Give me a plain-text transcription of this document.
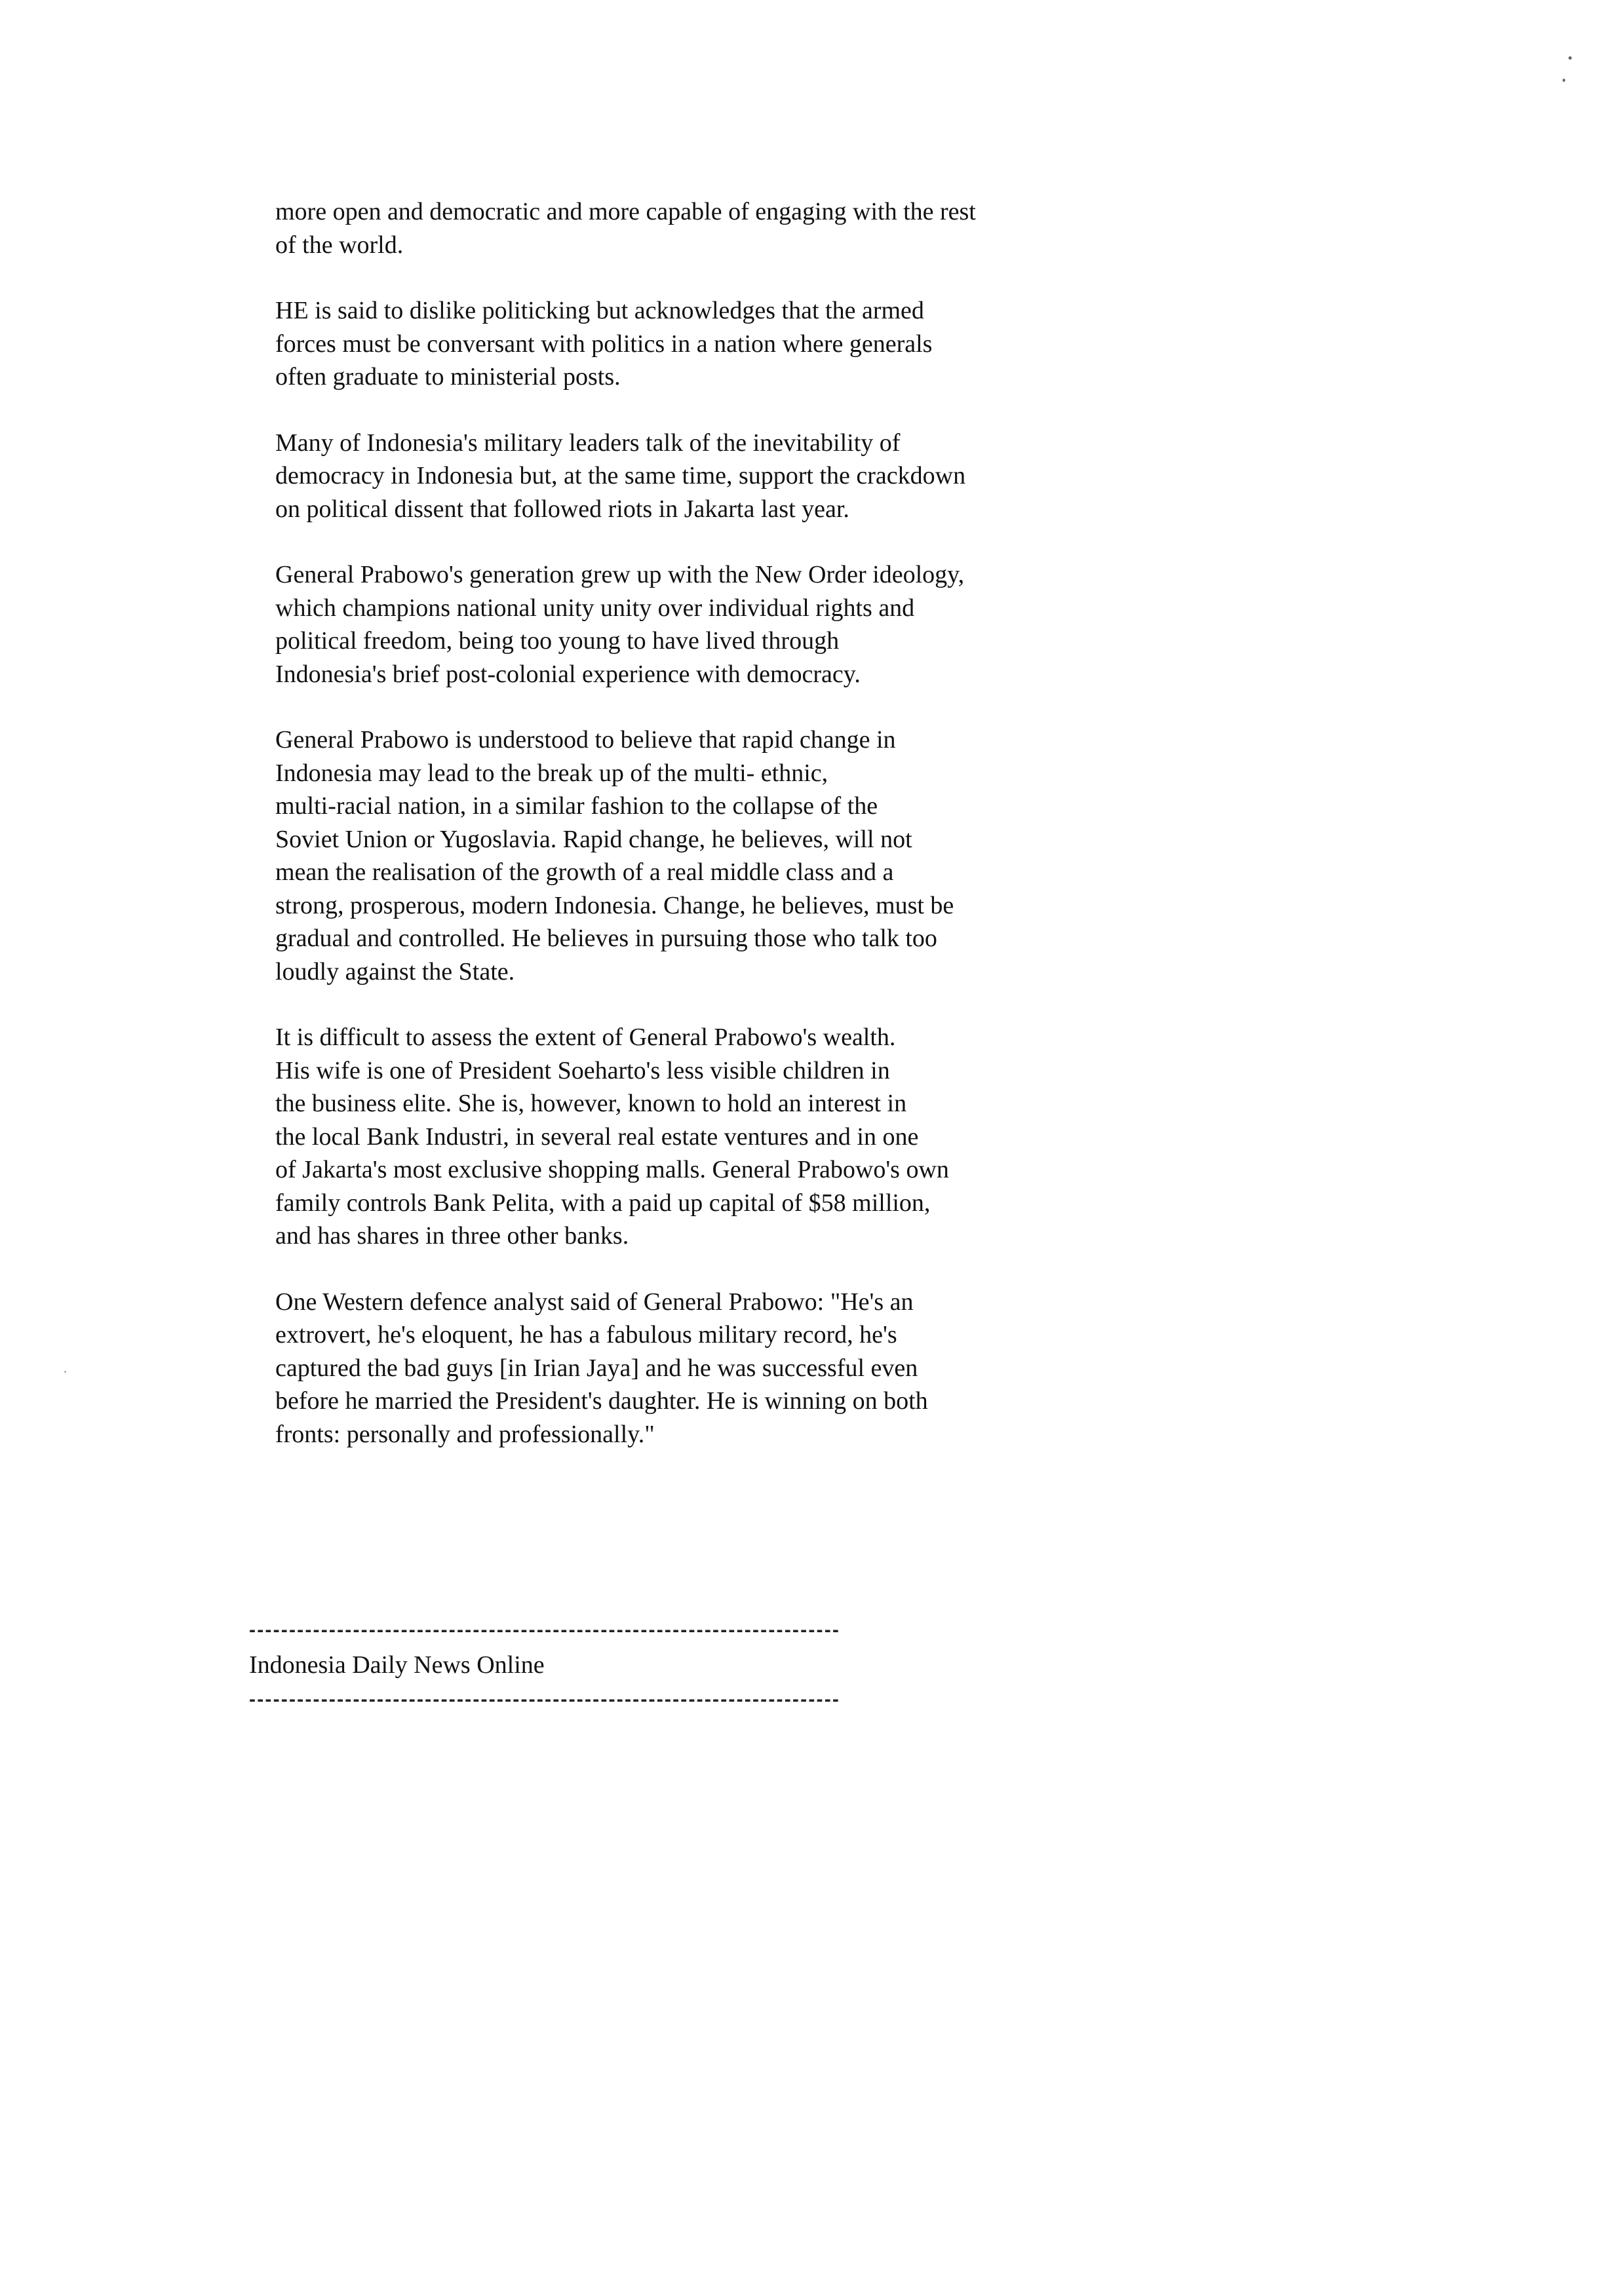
more open and democratic and more capable of engaging with the rest
of the world.

HE is said to dislike politicking but acknowledges that the armed
forces must be conversant with politics in a nation where generals
often graduate to ministerial posts.

Many of Indonesia's military leaders talk of the inevitability of
democracy in Indonesia but, at the same time, support the crackdown
on political dissent that followed riots in Jakarta last year.

General Prabowo's generation grew up with the New Order ideology,
which champions national unity unity over individual rights and
political freedom, being too young to have lived through
Indonesia's brief post-colonial experience with democracy.

General Prabowo is understood to believe that rapid change in
Indonesia may lead to the break up of the multi- ethnic,
multi-racial nation, in a similar fashion to the collapse of the
Soviet Union or Yugoslavia. Rapid change, he believes, will not
mean the realisation of the growth of a real middle class and a
strong, prosperous, modern Indonesia. Change, he believes, must be
gradual and controlled. He believes in pursuing those who talk too
loudly against the State.

It is difficult to assess the extent of General Prabowo's wealth.
His wife is one of President Soeharto's less visible children in
the business elite. She is, however, known to hold an interest in
the local Bank Industri, in several real estate ventures and in one
of Jakarta's most exclusive shopping malls. General Prabowo's own
family controls Bank Pelita, with a paid up capital of $58 million,
and has shares in three other banks.

One Western defence analyst said of General Prabowo: "He's an
extrovert, he's eloquent, he has a fabulous military record, he's
captured the bad guys [in Irian Jaya] and he was successful even
before he married the President's daughter. He is winning on both
fronts: personally and professionally."

--------------------------------------------------------------------------
Indonesia Daily News Online
--------------------------------------------------------------------------
